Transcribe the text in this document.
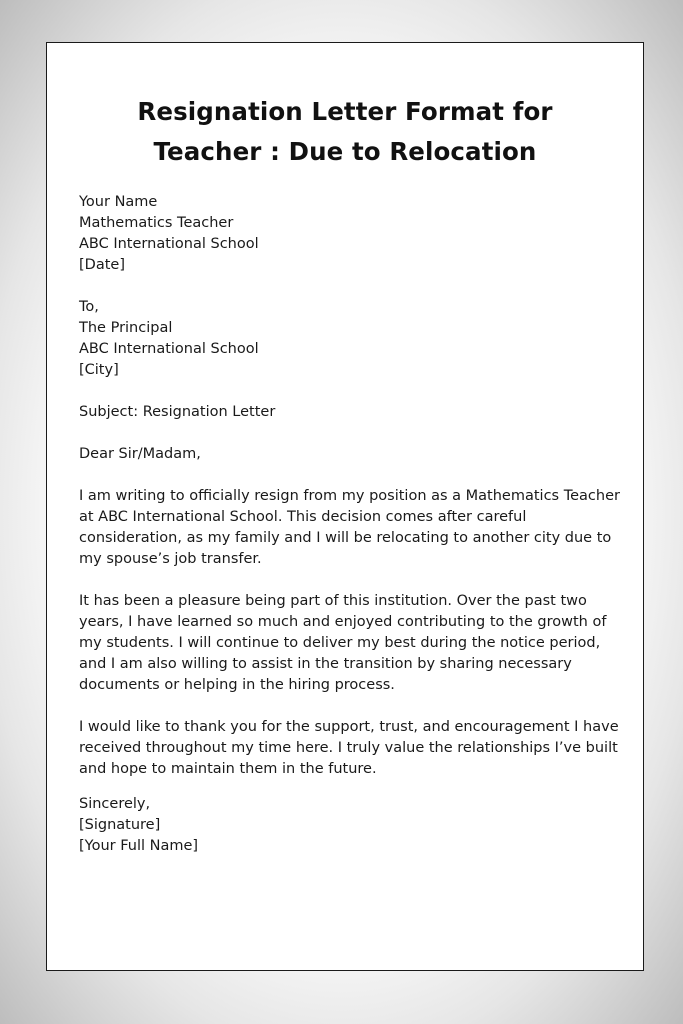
Resignation Letter Format for
Teacher : Due to Relocation
Your Name
Mathematics Teacher
ABC International School
[Date]
To,
The Principal
ABC International School
[City]
Subject: Resignation Letter
Dear Sir/Madam,
I am writing to officially resign from my position as a Mathematics Teacher
at ABC International School. This decision comes after careful
consideration, as my family and I will be relocating to another city due to
my spouse’s job transfer.
It has been a pleasure being part of this institution. Over the past two
years, I have learned so much and enjoyed contributing to the growth of
my students. I will continue to deliver my best during the notice period,
and I am also willing to assist in the transition by sharing necessary
documents or helping in the hiring process.
I would like to thank you for the support, trust, and encouragement I have
received throughout my time here. I truly value the relationships I’ve built
and hope to maintain them in the future.
Sincerely,
[Signature]
[Your Full Name]
